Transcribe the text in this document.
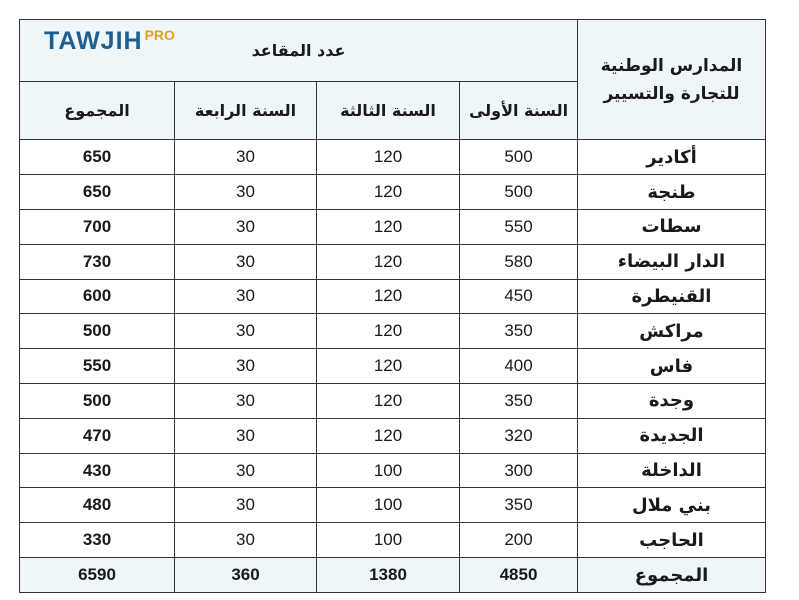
TAWJIH PRO
عدد المقاعد				المدارس الوطنية
للتجارة والتسيير

المجموع	السنة الرابعة	السنة الثالثة	السنة الأولى	
650	30	120	500	أكادير
650	30	120	500	طنجة
700	30	120	550	سطات
730	30	120	580	الدار البيضاء
600	30	120	450	القنيطرة
500	30	120	350	مراكش
550	30	120	400	فاس
500	30	120	350	وجدة
470	30	120	320	الجديدة
430	30	100	300	الداخلة
480	30	100	350	بني ملال
330	30	100	200	الحاجب
6590	360	1380	4850	المجموع
